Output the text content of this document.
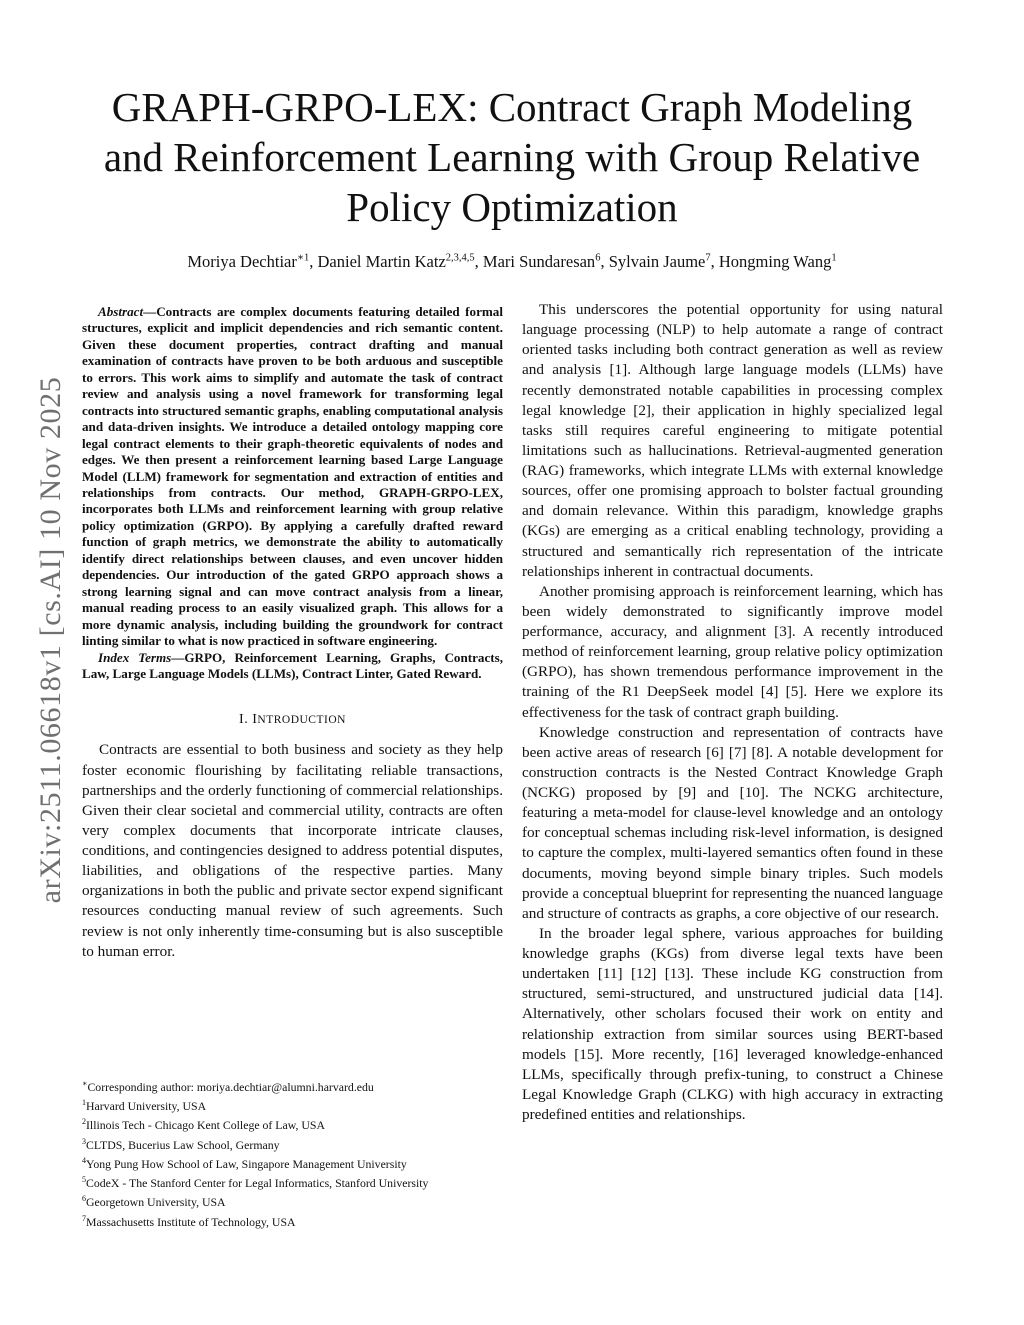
arXiv:2511.06618v1 [cs.AI] 10 Nov 2025
GRAPH-GRPO-LEX: Contract Graph Modeling
and Reinforcement Learning with Group Relative
Policy Optimization
Moriya Dechtiar$^{∗1}$, Daniel Martin Katz$^{2,3,4,5}$, Mari Sundaresan$^6$, Sylvain Jaume$^7$, Hongming Wang$^1$

Abstract—Contracts are complex documents featuring detailed formal structures, explicit and implicit dependencies and rich semantic content. Given these document properties, contract drafting and manual examination of contracts have proven to be both arduous and susceptible to errors. This work aims to simplify and automate the task of contract review and analysis using a novel framework for transforming legal contracts into structured semantic graphs, enabling computational analysis and data-driven insights. We introduce a detailed ontology mapping core legal contract elements to their graph-theoretic equivalents of nodes and edges. We then present a reinforcement learning based Large Language Model (LLM) framework for segmentation and extraction of entities and relationships from contracts. Our method, GRAPH-GRPO-LEX, incorporates both LLMs and reinforcement learning with group relative policy optimization (GRPO). By applying a carefully drafted reward function of graph metrics, we demonstrate the ability to automatically identify direct relationships between clauses, and even uncover hidden dependencies. Our introduction of the gated GRPO approach shows a strong learning signal and can move contract analysis from a linear, manual reading process to an easily visualized graph. This allows for a more dynamic analysis, including building the groundwork for contract linting similar to what is now practiced in software engineering.

Index Terms—GRPO, Reinforcement Learning, Graphs, Contracts, Law, Large Language Models (LLMs), Contract Linter, Gated Reward.

I. INTRODUCTION

Contracts are essential to both business and society as they help foster economic flourishing by facilitating reliable transactions, partnerships and the orderly functioning of commercial relationships. Given their clear societal and commercial utility, contracts are often very complex documents that incorporate intricate clauses, conditions, and contingencies designed to address potential disputes, liabilities, and obligations of the respective parties. Many organizations in both the public and private sector expend significant resources conducting manual review of such agreements. Such review is not only inherently time-consuming but is also susceptible to human error.

∗Corresponding author: moriya.dechtiar@alumni.harvard.edu
$^1$Harvard University, USA
$^2$Illinois Tech - Chicago Kent College of Law, USA
$^3$CLTDS, Bucerius Law School, Germany
$^4$Yong Pung How School of Law, Singapore Management University
$^5$CodeX - The Stanford Center for Legal Informatics, Stanford University
$^6$Georgetown University, USA
$^7$Massachusetts Institute of Technology, USA

This underscores the potential opportunity for using natural language processing (NLP) to help automate a range of contract oriented tasks including both contract generation as well as review and analysis [1]. Although large language models (LLMs) have recently demonstrated notable capabilities in processing complex legal knowledge [2], their application in highly specialized legal tasks still requires careful engineering to mitigate potential limitations such as hallucinations. Retrieval-augmented generation (RAG) frameworks, which integrate LLMs with external knowledge sources, offer one promising approach to bolster factual grounding and domain relevance. Within this paradigm, knowledge graphs (KGs) are emerging as a critical enabling technology, providing a structured and semantically rich representation of the intricate relationships inherent in contractual documents.

Another promising approach is reinforcement learning, which has been widely demonstrated to significantly improve model performance, accuracy, and alignment [3]. A recently introduced method of reinforcement learning, group relative policy optimization (GRPO), has shown tremendous performance improvement in the training of the R1 DeepSeek model [4] [5]. Here we explore its effectiveness for the task of contract graph building.

Knowledge construction and representation of contracts have been active areas of research [6] [7] [8]. A notable development for construction contracts is the Nested Contract Knowledge Graph (NCKG) proposed by [9] and [10]. The NCKG architecture, featuring a meta-model for clause-level knowledge and an ontology for conceptual schemas including risk-level information, is designed to capture the complex, multi-layered semantics often found in these documents, moving beyond simple binary triples. Such models provide a conceptual blueprint for representing the nuanced language and structure of contracts as graphs, a core objective of our research.

In the broader legal sphere, various approaches for building knowledge graphs (KGs) from diverse legal texts have been undertaken [11] [12] [13]. These include KG construction from structured, semi-structured, and unstructured judicial data [14]. Alternatively, other scholars focused their work on entity and relationship extraction from similar sources using BERT-based models [15]. More recently, [16] leveraged knowledge-enhanced LLMs, specifically through prefix-tuning, to construct a Chinese Legal Knowledge Graph (CLKG) with high accuracy in extracting predefined entities and relationships.
